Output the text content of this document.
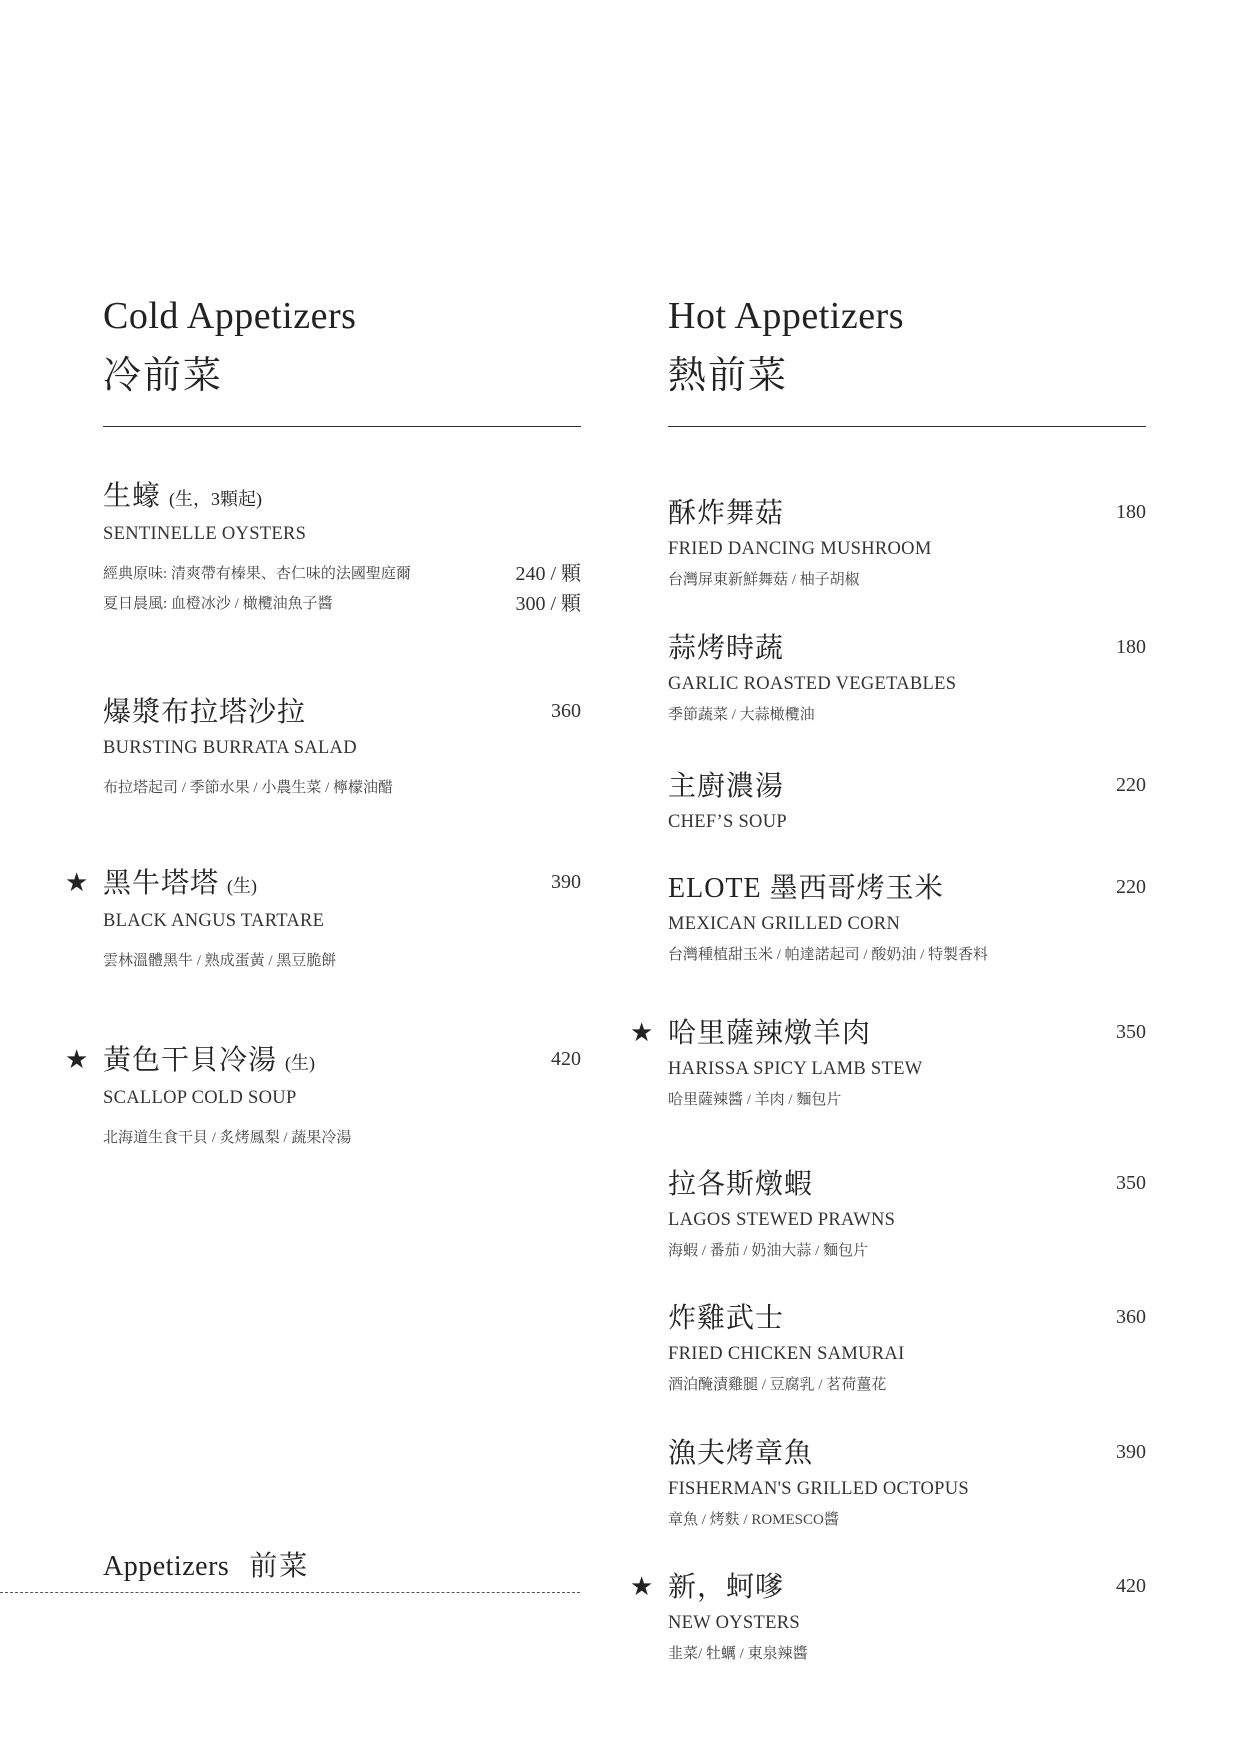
Cold Appetizers
冷前菜
生蠔 (生，3顆起)
SENTINELLE OYSTERS
經典原味: 清爽帶有榛果、杏仁味的法國聖庭爾	240 / 顆
夏日晨風: 血橙冰沙 / 橄欖油魚子醬	300 / 顆
爆漿布拉塔沙拉	360
BURSTING BURRATA SALAD
布拉塔起司 / 季節水果 / 小農生菜 / 檸檬油醋
★ 黑牛塔塔 (生)	390
BLACK ANGUS TARTARE
雲林溫體黑牛 / 熟成蛋黃 / 黑豆脆餅
★ 黃色干貝冷湯 (生)	420
SCALLOP COLD SOUP
北海道生食干貝 / 炙烤鳳梨 / 蔬果冷湯
Hot Appetizers
熱前菜
酥炸舞菇	180
FRIED DANCING MUSHROOM
台灣屏東新鮮舞菇 / 柚子胡椒
蒜烤時蔬	180
GARLIC ROASTED VEGETABLES
季節蔬菜 / 大蒜橄欖油
主廚濃湯	220
CHEF’S SOUP
ELOTE 墨西哥烤玉米	220
MEXICAN GRILLED CORN
台灣種植甜玉米 / 帕達諾起司 / 酸奶油 / 特製香料
★ 哈里薩辣燉羊肉	350
HARISSA SPICY LAMB STEW
哈里薩辣醬 / 羊肉 / 麵包片
拉各斯燉蝦	350
LAGOS STEWED PRAWNS
海蝦 / 番茄 / 奶油大蒜 / 麵包片
炸雞武士	360
FRIED CHICKEN SAMURAI
酒泊醃漬雞腿 / 豆腐乳 / 茗荷薑花
漁夫烤章魚	390
FISHERMAN'S GRILLED OCTOPUS
章魚 / 烤麩 / ROMESCO醬
★ 新，蚵嗲	420
NEW OYSTERS
韭菜/ 牡蠣 / 東泉辣醬
Appetizers 前菜
